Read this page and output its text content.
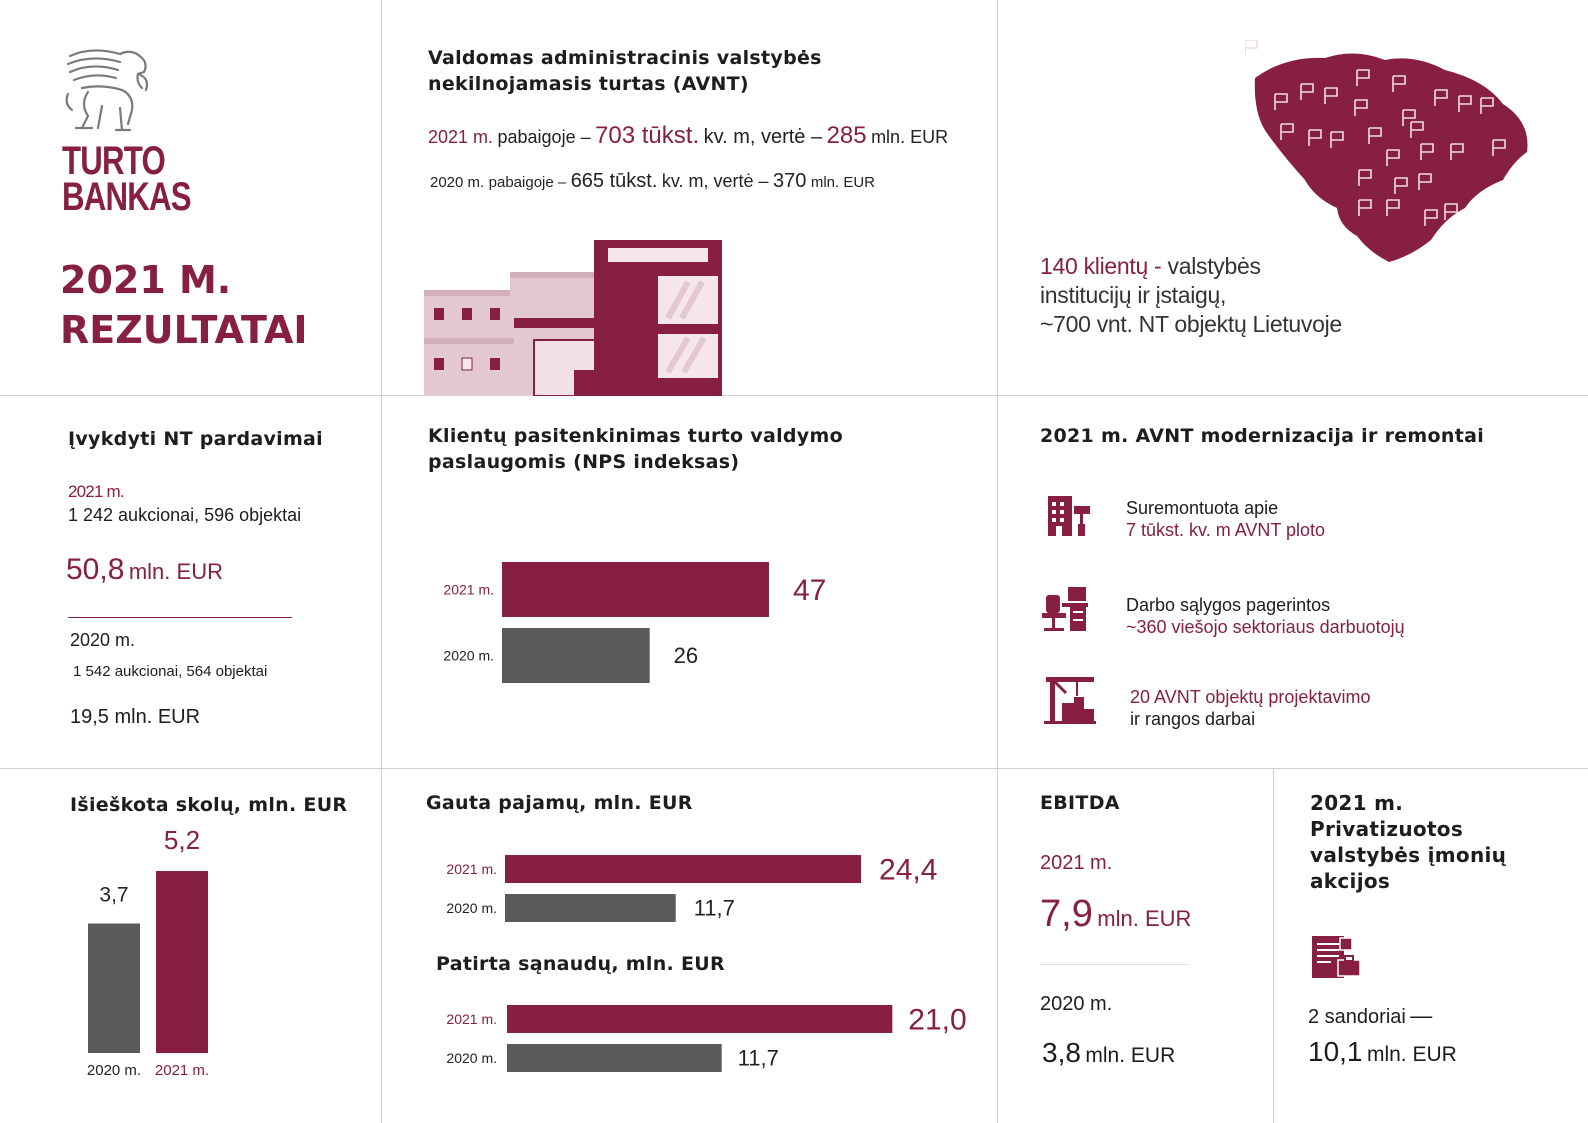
TURTO
BANKAS
2021 M.
REZULTATAI
Valdomas administracinis valstybės nekilnojamasis turtas (AVNT)
2021 m. pabaigoje – 703 tūkst. kv. m, vertė – 285 mln. EUR
2020 m. pabaigoje – 665 tūkst. kv. m, vertė – 370 mln. EUR
140 klientų - valstybės
institucijų ir įstaigų,
~700 vnt. NT objektų Lietuvoje
Įvykdyti NT pardavimai
2021 m.
1 242 aukcionai, 596 objektai
50,8 mln. EUR
2020 m.
1 542 aukcionai, 564 objektai
19,5 mln. EUR
Klientų pasitenkinimas turto valdymo paslaugomis (NPS indeksas)
2021 m.	47
2020 m.	26
2021 m. AVNT modernizacija ir remontai
Suremontuota apie
7 tūkst. kv. m AVNT ploto
Darbo sąlygos pagerintos
~360 viešojo sektoriaus darbuotojų
20 AVNT objektų projektavimo
ir rangos darbai
Išieškota skolų, mln. EUR
3,7
2020 m.
5,2
2021 m.
Gauta pajamų, mln. EUR
2021 m.	24,4
2020 m.	11,7
Patirta sąnaudų, mln. EUR
2021 m.	21,0
2020 m.	11,7
EBITDA
2021 m.
7,9 mln. EUR
2020 m.
3,8 mln. EUR
2021 m. Privatizuotos valstybės įmonių akcijos
2 sandoriai —
10,1 mln. EUR
